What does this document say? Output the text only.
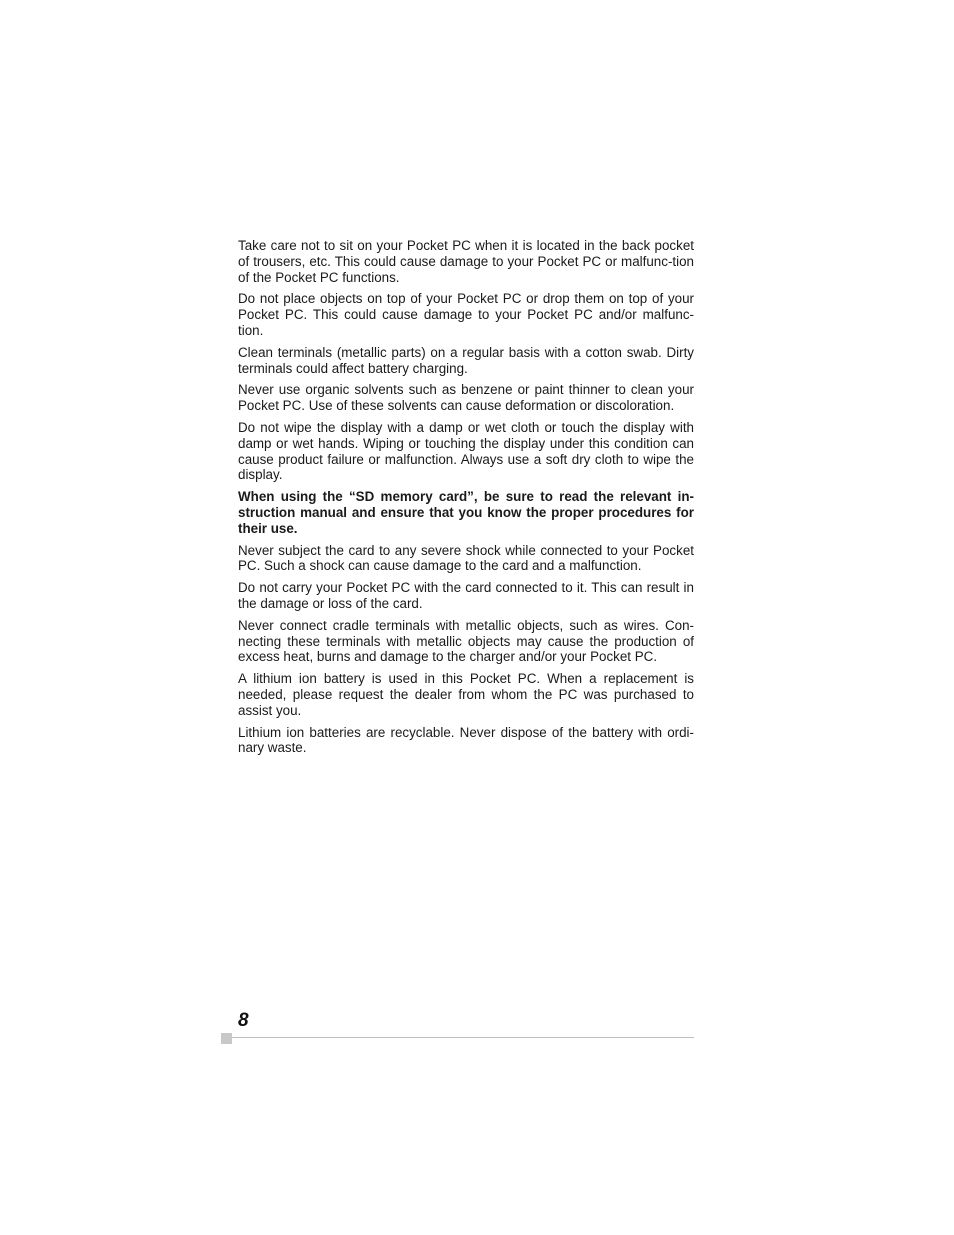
Take care not to sit on your Pocket PC when it is located in the back pocket of trousers, etc. This could cause damage to your Pocket PC or malfunc-tion of the Pocket PC functions.

Do not place objects on top of your Pocket PC or drop them on top of your Pocket PC. This could cause damage to your Pocket PC and/or malfunc-tion.

Clean terminals (metallic parts) on a regular basis with a cotton swab. Dirty terminals could affect battery charging.

Never use organic solvents such as benzene or paint thinner to clean your Pocket PC. Use of these solvents can cause deformation or discoloration.

Do not wipe the display with a damp or wet cloth or touch the display with damp or wet hands. Wiping or touching the display under this condition can cause product failure or malfunction. Always use a soft dry cloth to wipe the display.

When using the “SD memory card”, be sure to read the relevant in-struction manual and ensure that you know the proper procedures for their use.

Never subject the card to any severe shock while connected to your Pocket PC. Such a shock can cause damage to the card and a malfunction.

Do not carry your Pocket PC with the card connected to it. This can result in the damage or loss of the card.

Never connect cradle terminals with metallic objects, such as wires. Con-necting these terminals with metallic objects may cause the production of excess heat, burns and damage to the charger and/or your Pocket PC.

A lithium ion battery is used in this Pocket PC. When a replacement is needed, please request the dealer from whom the PC was purchased to assist you.

Lithium ion batteries are recyclable. Never dispose of the battery with ordi-nary waste.

8
